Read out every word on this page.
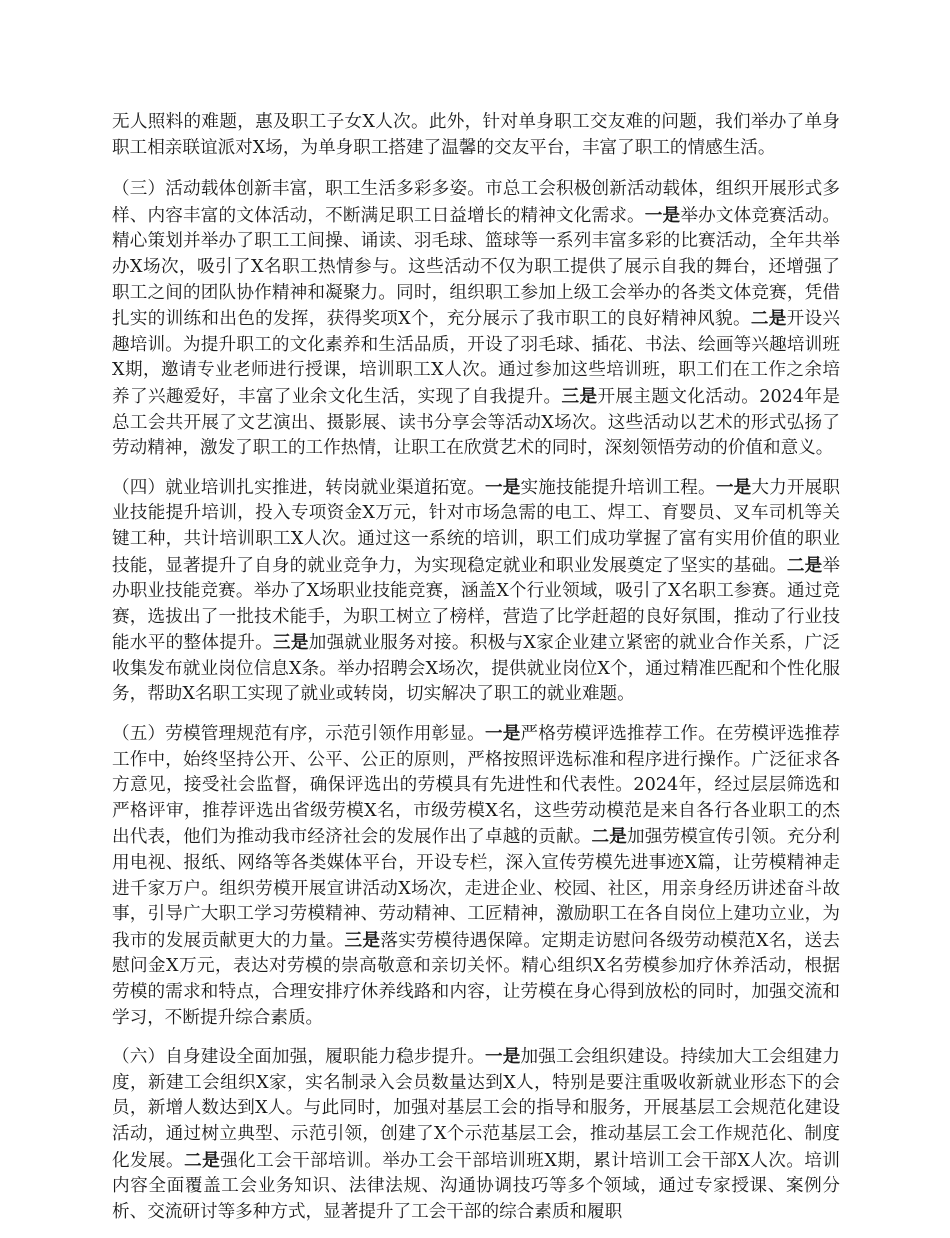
无人照料的难题，惠及职工子女X人次。此外，针对单身职工交友难的问题，我们举办了单身职工相亲联谊派对X场，为单身职工搭建了温馨的交友平台，丰富了职工的情感生活。

（三）活动载体创新丰富，职工生活多彩多姿。市总工会积极创新活动载体，组织开展形式多样、内容丰富的文体活动，不断满足职工日益增长的精神文化需求。一是举办文体竞赛活动。精心策划并举办了职工工间操、诵读、羽毛球、篮球等一系列丰富多彩的比赛活动，全年共举办X场次，吸引了X名职工热情参与。这些活动不仅为职工提供了展示自我的舞台，还增强了职工之间的团队协作精神和凝聚力。同时，组织职工参加上级工会举办的各类文体竞赛，凭借扎实的训练和出色的发挥，获得奖项X个，充分展示了我市职工的良好精神风貌。二是开设兴趣培训。为提升职工的文化素养和生活品质，开设了羽毛球、插花、书法、绘画等兴趣培训班X期，邀请专业老师进行授课，培训职工X人次。通过参加这些培训班，职工们在工作之余培养了兴趣爱好，丰富了业余文化生活，实现了自我提升。三是开展主题文化活动。2024年是总工会共开展了文艺演出、摄影展、读书分享会等活动X场次。这些活动以艺术的形式弘扬了劳动精神，激发了职工的工作热情，让职工在欣赏艺术的同时，深刻领悟劳动的价值和意义。

（四）就业培训扎实推进，转岗就业渠道拓宽。一是实施技能提升培训工程。一是大力开展职业技能提升培训，投入专项资金X万元，针对市场急需的电工、焊工、育婴员、叉车司机等关键工种，共计培训职工X人次。通过这一系统的培训，职工们成功掌握了富有实用价值的职业技能，显著提升了自身的就业竞争力，为实现稳定就业和职业发展奠定了坚实的基础。二是举办职业技能竞赛。举办了X场职业技能竞赛，涵盖X个行业领域，吸引了X名职工参赛。通过竞赛，选拔出了一批技术能手，为职工树立了榜样，营造了比学赶超的良好氛围，推动了行业技能水平的整体提升。三是加强就业服务对接。积极与X家企业建立紧密的就业合作关系，广泛收集发布就业岗位信息X条。举办招聘会X场次，提供就业岗位X个，通过精准匹配和个性化服务，帮助X名职工实现了就业或转岗，切实解决了职工的就业难题。

（五）劳模管理规范有序，示范引领作用彰显。一是严格劳模评选推荐工作。在劳模评选推荐工作中，始终坚持公开、公平、公正的原则，严格按照评选标准和程序进行操作。广泛征求各方意见，接受社会监督，确保评选出的劳模具有先进性和代表性。2024年，经过层层筛选和严格评审，推荐评选出省级劳模X名，市级劳模X名，这些劳动模范是来自各行各业职工的杰出代表，他们为推动我市经济社会的发展作出了卓越的贡献。二是加强劳模宣传引领。充分利用电视、报纸、网络等各类媒体平台，开设专栏，深入宣传劳模先进事迹X篇，让劳模精神走进千家万户。组织劳模开展宣讲活动X场次，走进企业、校园、社区，用亲身经历讲述奋斗故事，引导广大职工学习劳模精神、劳动精神、工匠精神，激励职工在各自岗位上建功立业，为我市的发展贡献更大的力量。三是落实劳模待遇保障。定期走访慰问各级劳动模范X名，送去慰问金X万元，表达对劳模的崇高敬意和亲切关怀。精心组织X名劳模参加疗休养活动，根据劳模的需求和特点，合理安排疗休养线路和内容，让劳模在身心得到放松的同时，加强交流和学习，不断提升综合素质。

（六）自身建设全面加强，履职能力稳步提升。一是加强工会组织建设。持续加大工会组建力度，新建工会组织X家，实名制录入会员数量达到X人，特别是要注重吸收新就业形态下的会员，新增人数达到X人。与此同时，加强对基层工会的指导和服务，开展基层工会规范化建设活动，通过树立典型、示范引领，创建了X个示范基层工会，推动基层工会工作规范化、制度化发展。二是强化工会干部培训。举办工会干部培训班X期，累计培训工会干部X人次。培训内容全面覆盖工会业务知识、法律法规、沟通协调技巧等多个领域，通过专家授课、案例分析、交流研讨等多种方式，显著提升了工会干部的综合素质和履职
